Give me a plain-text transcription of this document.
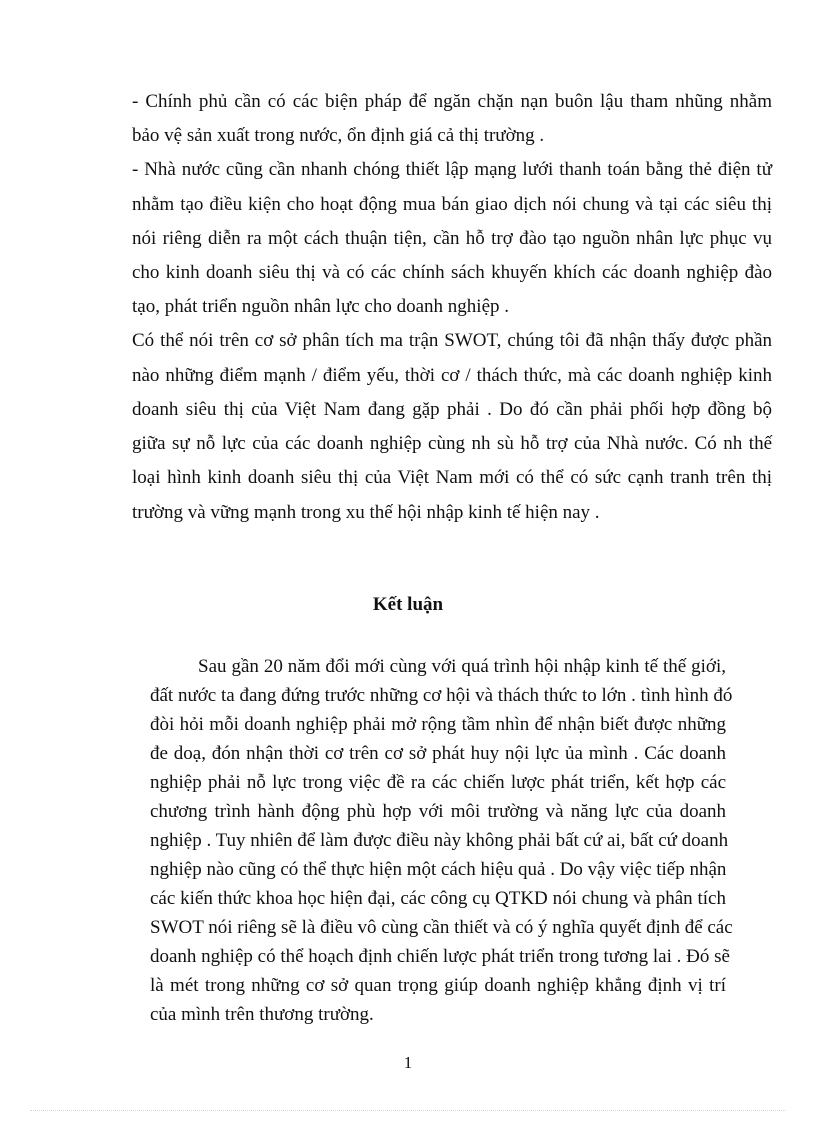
- Chính phủ cần có các biện pháp để ngăn chặn nạn buôn lậu tham nhũng nhằm
bảo vệ sản xuất trong nước, ổn định giá cả thị trường .
- Nhà nước cũng cần nhanh chóng thiết lập mạng lưới thanh toán bằng thẻ điện tử
nhằm tạo điều kiện cho hoạt động mua bán giao dịch nói chung và tại các siêu thị
nói riêng diễn ra một cách thuận tiện, cần hỗ trợ đào tạo nguồn nhân lực phục vụ
cho kinh doanh siêu thị và có các chính sách khuyến khích các doanh nghiệp đào
tạo, phát triển nguồn nhân lực cho doanh nghiệp .
Có thể nói trên cơ sở phân tích ma trận SWOT, chúng tôi đã nhận thấy được phần
nào những điểm mạnh / điểm yếu, thời cơ / thách thức, mà các doanh nghiệp kinh
doanh siêu thị của Việt Nam đang gặp phải . Do đó cần phải phối hợp đồng bộ
giữa sự nỗ lực của các doanh nghiệp cùng nh sù hỗ trợ của Nhà nước. Có nh thế
loại hình kinh doanh siêu thị của Việt Nam mới có thể có sức cạnh tranh trên thị
trường và vững mạnh trong xu thế hội nhập kinh tế hiện nay .
Kết luận
Sau gần 20 năm đổi mới cùng với quá trình hội nhập kinh tế thế giới,
đất nước ta đang đứng trước những cơ hội và thách thức to lớn . tình hình đó
đòi hỏi mỗi doanh nghiệp phải mở rộng tầm nhìn để nhận biết được những
đe doạ, đón nhận thời cơ trên cơ sở phát huy nội lực ủa mình . Các doanh
nghiệp phải nỗ lực trong việc đề ra các chiến lược phát triển, kết hợp các
chương trình hành động phù hợp với môi trường và năng lực của doanh
nghiệp . Tuy nhiên để làm được điều này không phải bất cứ ai, bất cứ doanh
nghiệp nào cũng có thể thực hiện một cách hiệu quả . Do vậy việc tiếp nhận
các kiến thức khoa học hiện đại, các công cụ QTKD nói chung và phân tích
SWOT nói riêng sẽ là điều vô cùng cần thiết và có ý nghĩa quyết định để các
doanh nghiệp có thể hoạch định chiến lược phát triển trong tương lai . Đó sẽ
là mét trong những cơ sở quan trọng giúp doanh nghiệp khẳng định vị trí
của mình trên thương trường.
1
